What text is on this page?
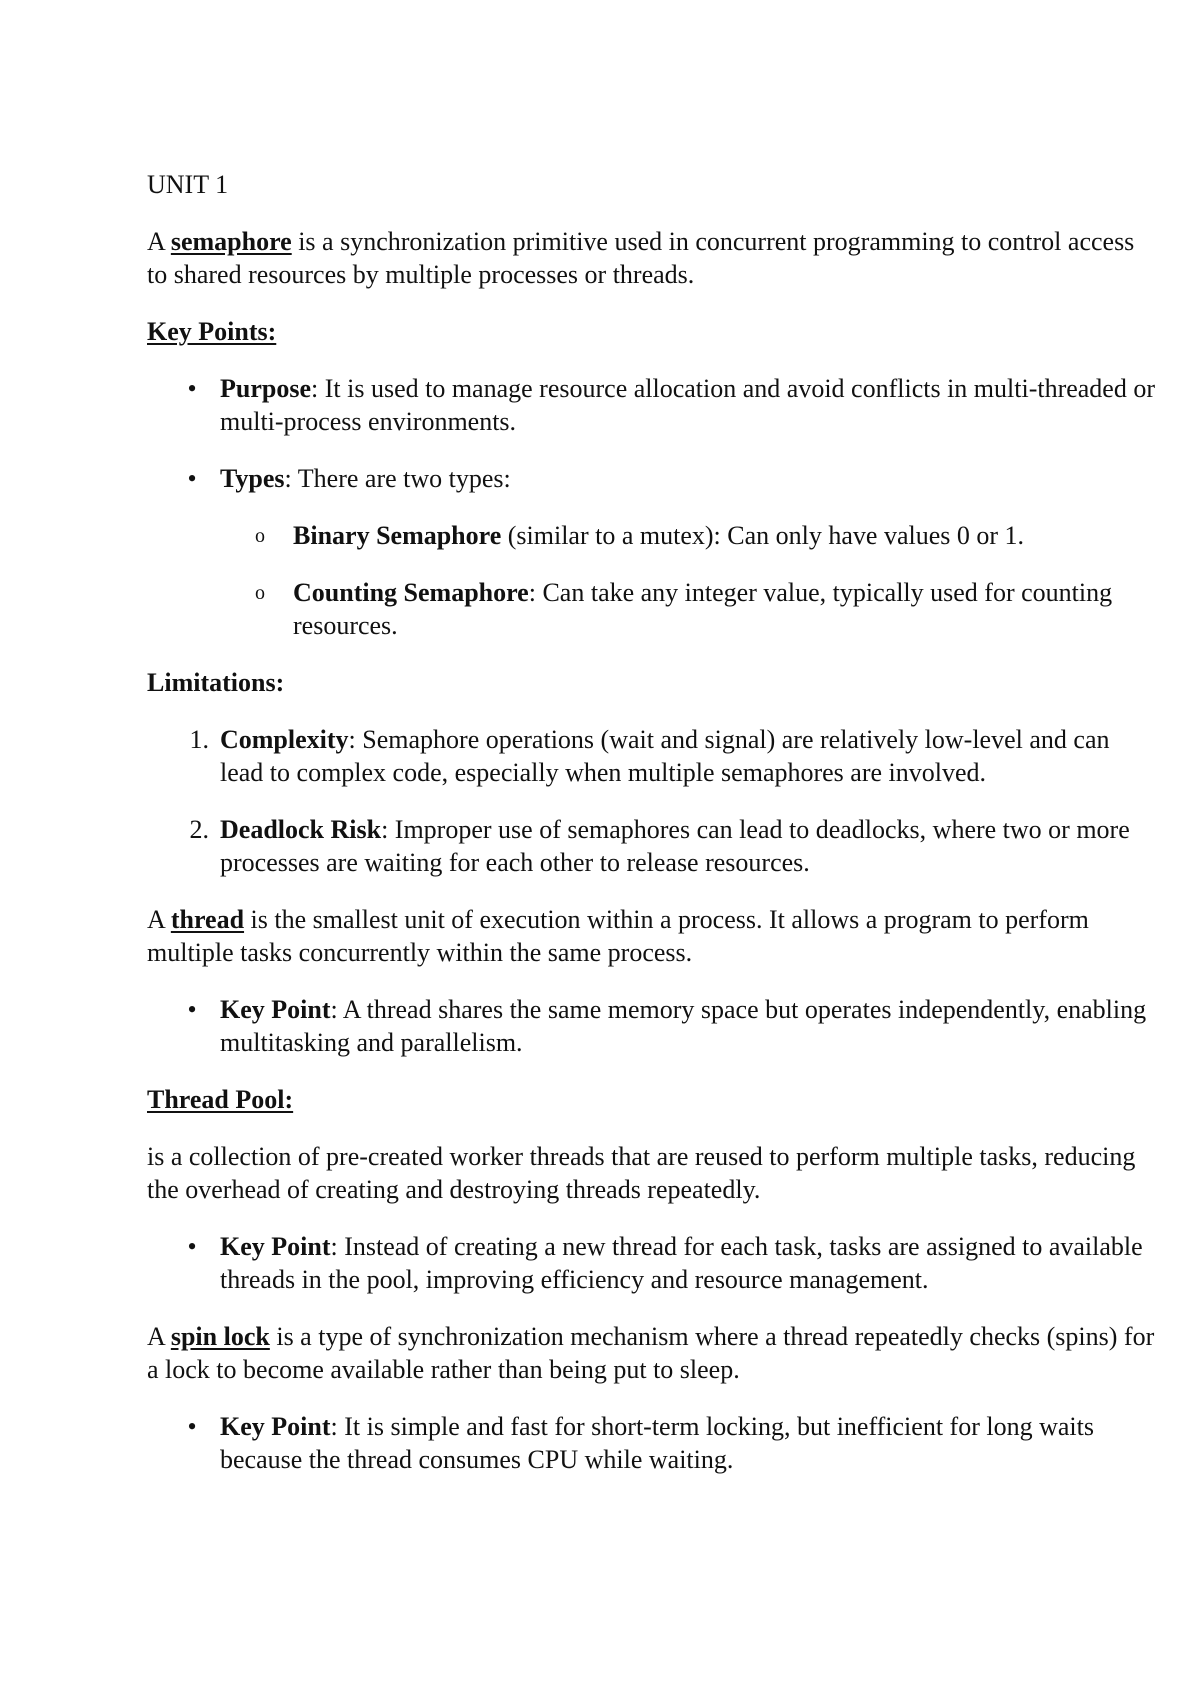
UNIT 1

A semaphore is a synchronization primitive used in concurrent programming to control access to shared resources by multiple processes or threads.

Key Points:

• Purpose: It is used to manage resource allocation and avoid conflicts in multi-threaded or multi-process environments.
• Types: There are two types:
o Binary Semaphore (similar to a mutex): Can only have values 0 or 1.
o Counting Semaphore: Can take any integer value, typically used for counting resources.

Limitations:

1. Complexity: Semaphore operations (wait and signal) are relatively low-level and can lead to complex code, especially when multiple semaphores are involved.
2. Deadlock Risk: Improper use of semaphores can lead to deadlocks, where two or more processes are waiting for each other to release resources.

A thread is the smallest unit of execution within a process. It allows a program to perform multiple tasks concurrently within the same process.

• Key Point: A thread shares the same memory space but operates independently, enabling multitasking and parallelism.

Thread Pool:

is a collection of pre-created worker threads that are reused to perform multiple tasks, reducing the overhead of creating and destroying threads repeatedly.

• Key Point: Instead of creating a new thread for each task, tasks are assigned to available threads in the pool, improving efficiency and resource management.

A spin lock is a type of synchronization mechanism where a thread repeatedly checks (spins) for a lock to become available rather than being put to sleep.

• Key Point: It is simple and fast for short-term locking, but inefficient for long waits because the thread consumes CPU while waiting.
